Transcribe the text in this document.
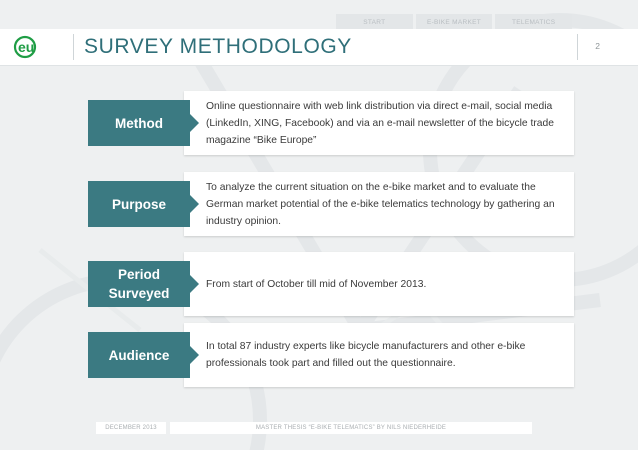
START	E-BIKE MARKET	TELEMATICS
eu SURVEY METHODOLOGY	2
Method
Online questionnaire with web link distribution via direct e-mail, social media (LinkedIn, XING, Facebook) and via an e-mail newsletter of the bicycle trade magazine “Bike Europe”
Purpose
To analyze the current situation on the e-bike market and to evaluate the German market potential of the e-bike telematics technology by gathering an industry opinion.
Period Surveyed
From start of October till mid of November 2013.
Audience
In total 87 industry experts like bicycle manufacturers and other e-bike professionals took part and filled out the questionnaire.
DECEMBER 2013	MASTER THESIS “E-BIKE TELEMATICS” BY NILS NIEDERHEIDE
